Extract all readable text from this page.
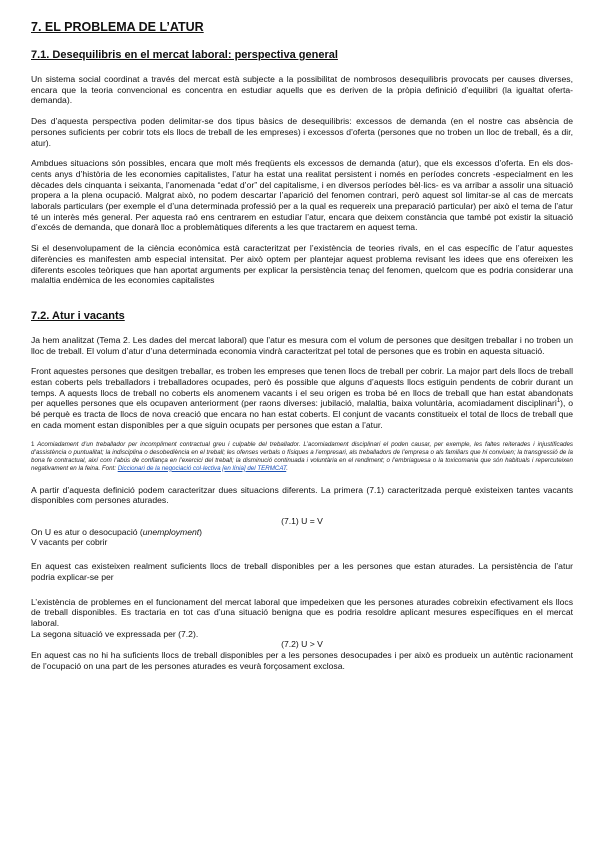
7. EL PROBLEMA DE L’ATUR
7.1. Desequilibris en el mercat laboral: perspectiva general

Un sistema social coordinat a través del mercat està subjecte a la possibilitat de nombrosos desequilibris provocats per causes diverses, encara que la teoria convencional es concentra en estudiar aquells que es deriven de la pròpia definició d’equilibri (la igualtat oferta-demanda).

Des d’aquesta perspectiva poden delimitar-se dos tipus bàsics de desequilibris: excessos de demanda (en el nostre cas absència de persones suficients per cobrir tots els llocs de treball de les empreses) i excessos d’oferta (persones que no troben un lloc de treball, és a dir, atur).

Ambdues situacions són possibles, encara que molt més freqüents els excessos de demanda (atur), que els excessos d’oferta. En els dos-cents anys d’història de les economies capitalistes, l’atur ha estat una realitat persistent i només en períodes concrets -especialment en les dècades dels cinquanta i seixanta, l’anomenada “edat d’or” del capitalisme, i en diversos períodes bèl·lics- es va arribar a assolir una situació propera a la plena ocupació. Malgrat això, no podem descartar l’aparició del fenomen contrari, però aquest sol limitar-se al cas de mercats laborals particulars (per exemple el d’una determinada professió per a la qual es requereix una preparació particular) per això el tema de l’atur té un interès més general. Per aquesta raó ens centrarem en estudiar l’atur, encara que deixem constància que també pot existir la situació d’excés de demanda, que donarà lloc a problemàtiques diferents a les que tractarem en aquest tema.

Si el desenvolupament de la ciència econòmica està caracteritzat per l’existència de teories rivals, en el cas específic de l’atur aquestes diferències es manifesten amb especial intensitat. Per això optem per plantejar aquest problema revisant les idees que ens ofereixen les diferents escoles teòriques que han aportat arguments per explicar la persistència tenaç del fenomen, quelcom que es podria considerar una malaltia endèmica de les economies capitalistes

7.2. Atur i vacants

Ja hem analitzat (Tema 2. Les dades del mercat laboral) que l’atur es mesura com el volum de persones que desitgen treballar i no troben un lloc de treball. El volum d’atur d’una determinada economia vindrà caracteritzat pel total de persones que es trobin en aquesta situació.

Front aquestes persones que desitgen treballar, es troben les empreses que tenen llocs de treball per cobrir. La major part dels llocs de treball estan coberts pels treballadors i treballadores ocupades, però és possible que alguns d’aquests llocs estiguin pendents de cobrir durant un temps. A aquests llocs de treball no coberts els anomenem vacants i el seu origen es troba bé en llocs de treball que han estat abandonats per aquelles persones que els ocupaven anteriorment (per raons diverses: jubilació, malaltia, baixa voluntària, acomiadament disciplinari$^1$), o bé perquè es tracta de llocs de nova creació que encara no han estat coberts. El conjunt de vacants constitueix el total de llocs de treball que en cada moment estan disponibles per a que siguin ocupats per persones que estan a l’atur.

1 Acomiadament d’un treballador per incompliment contractual greu i culpable del treballador. L’acomiadament disciplinari el poden causar, per exemple, les faltes reiterades i injustificades d’assistència o puntualitat; la indisciplina o desobediència en el treball; les ofenses verbals o físiques a l’empresari, als treballadors de l’empresa o als familiars que hi conviuen; la transgressió de la bona fe contractual, així com l’abús de confiança en l’exercici del treball; la disminució continuada i voluntària en el rendiment; o l’embriaguesa o la toxicomania que són habituals i repercuteixen negativament en la feina. Font: Diccionari de la negociació col·lectiva [en línia] del TERMCAT.

A partir d’aquesta definició podem caracteritzar dues situacions diferents. La primera (7.1) caracteritzada perquè existeixen tantes vacants disponibles com persones aturades.

(7.1) U = V

On U es atur o desocupació (unemployment)

V vacants per cobrir

En aquest cas existeixen realment suficients llocs de treball disponibles per a les persones que estan aturades. La persistència de l’atur podria explicar-se per

L’existència de problemes en el funcionament del mercat laboral que impedeixen que les persones aturades cobreixin efectivament els llocs de treball disponibles. Es tractaria en tot cas d’una situació benigna que es podria resoldre aplicant mesures específiques en el mercat laboral.

La segona situació ve expressada per (7.2).

(7.2) U > V

En aquest cas no hi ha suficients llocs de treball disponibles per a les persones desocupades i per això es produeix un autèntic racionament de l’ocupació on una part de les persones aturades es veurà forçosament exclosa.
